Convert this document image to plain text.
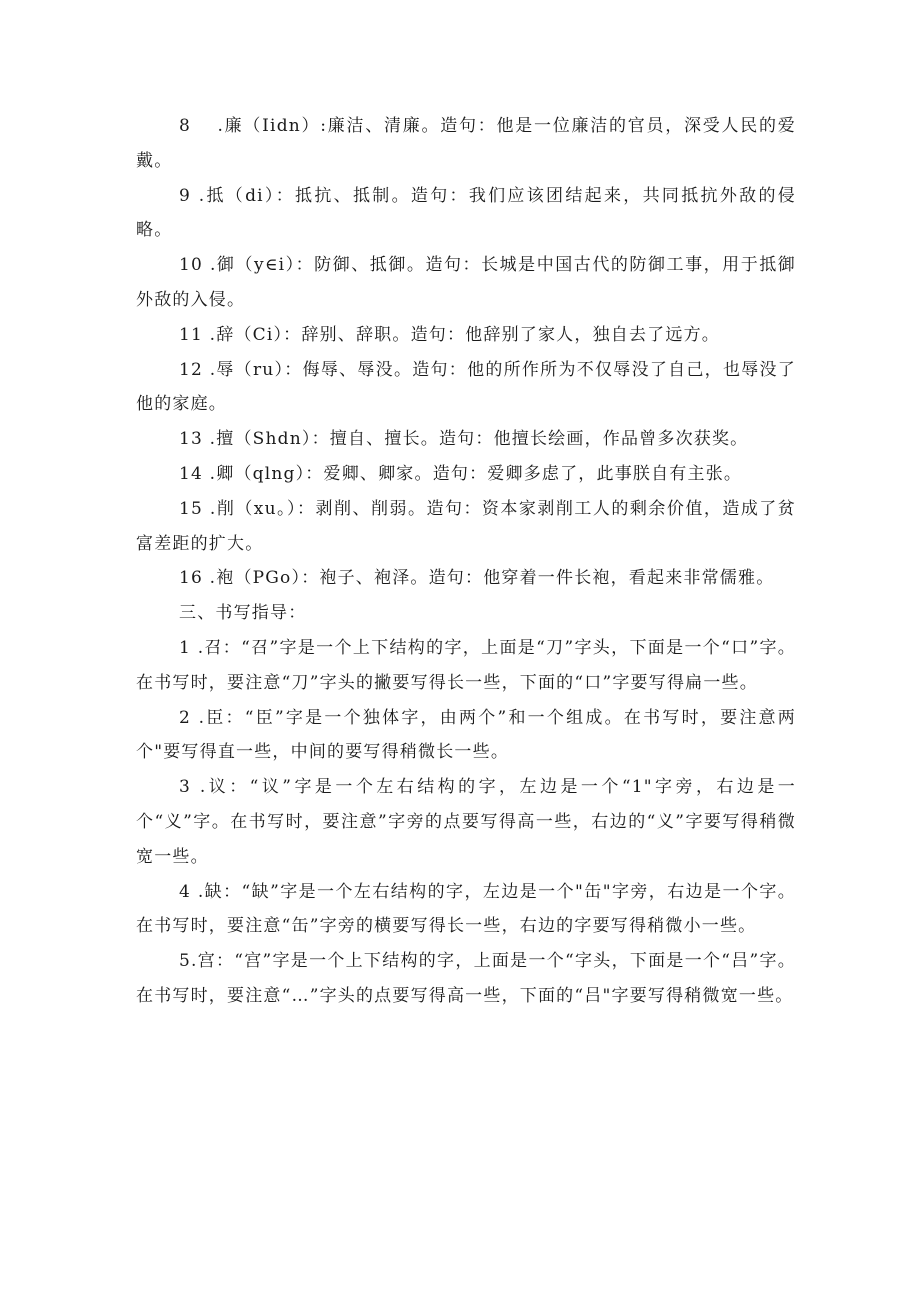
8　 .廉（Iidn）:廉洁、清廉。造句：他是一位廉洁的官员，深受人民的爱戴。

9 .抵（di）：抵抗、抵制。造句：我们应该团结起来，共同抵抗外敌的侵略。

10 .御（y∈i）：防御、抵御。造句：长城是中国古代的防御工事，用于抵御外敌的入侵。

11 .辞（Ci）：辞别、辞职。造句：他辞别了家人，独自去了远方。

12 .辱（ru）：侮辱、辱没。造句：他的所作所为不仅辱没了自己，也辱没了他的家庭。

13 .擅（Shdn）：擅自、擅长。造句：他擅长绘画，作品曾多次获奖。

14 .卿（qlng）：爱卿、卿家。造句：爱卿多虑了，此事朕自有主张。

15 .削（xu。）：剥削、削弱。造句：资本家剥削工人的剩余价值，造成了贫富差距的扩大。

16 .袍（PGo）：袍子、袍泽。造句：他穿着一件长袍，看起来非常儒雅。

三、书写指导：

1 .召：“召”字是一个上下结构的字，上面是“刀”字头，下面是一个“口”字。在书写时，要注意“刀”字头的撇要写得长一些，下面的“口”字要写得扁一些。

2 .臣：“臣”字是一个独体字，由两个”和一个组成。在书写时，要注意两个"要写得直一些，中间的要写得稍微长一些。

3 .议：“议”字是一个左右结构的字，左边是一个“1"字旁，右边是一个“义”字。在书写时，要注意”字旁的点要写得高一些，右边的“义”字要写得稍微宽一些。

4 .缺：“缺”字是一个左右结构的字，左边是一个"缶"字旁，右边是一个字。在书写时，要注意“缶”字旁的横要写得长一些，右边的字要写得稍微小一些。

5.宫：“宫”字是一个上下结构的字，上面是一个“字头，下面是一个“吕”字。在书写时，要注意“…”字头的点要写得高一些，下面的“吕"字要写得稍微宽一些。
